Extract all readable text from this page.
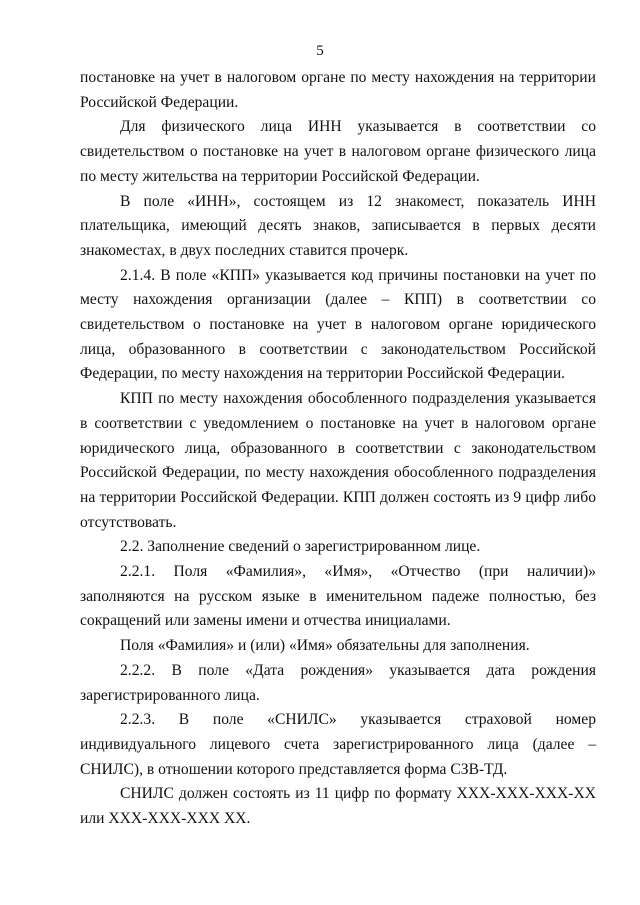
5

постановке на учет в налоговом органе по месту нахождения на территории Российской Федерации.

Для физического лица ИНН указывается в соответствии со свидетельством о постановке на учет в налоговом органе физического лица по месту жительства на территории Российской Федерации.

В поле «ИНН», состоящем из 12 знакомест, показатель ИНН плательщика, имеющий десять знаков, записывается в первых десяти знакоместах, в двух последних ставится прочерк.

2.1.4. В поле «КПП» указывается код причины постановки на учет по месту нахождения организации (далее – КПП) в соответствии со свидетельством о постановке на учет в налоговом органе юридического лица, образованного в соответствии с законодательством Российской Федерации, по месту нахождения на территории Российской Федерации.

КПП по месту нахождения обособленного подразделения указывается в соответствии с уведомлением о постановке на учет в налоговом органе юридического лица, образованного в соответствии с законодательством Российской Федерации, по месту нахождения обособленного подразделения на территории Российской Федерации. КПП должен состоять из 9 цифр либо отсутствовать.

2.2. Заполнение сведений о зарегистрированном лице.

2.2.1. Поля «Фамилия», «Имя», «Отчество (при наличии)» заполняются на русском языке в именительном падеже полностью, без сокращений или замены имени и отчества инициалами.

Поля «Фамилия» и (или) «Имя» обязательны для заполнения.

2.2.2. В поле «Дата рождения» указывается дата рождения зарегистрированного лица.

2.2.3. В поле «СНИЛС» указывается страховой номер индивидуального лицевого счета зарегистрированного лица (далее – СНИЛС), в отношении которого представляется форма СЗВ-ТД.

СНИЛС должен состоять из 11 цифр по формату ХХХ-ХХХ-ХХХ-ХХ или ХХХ-ХХХ-ХХХ ХХ.
